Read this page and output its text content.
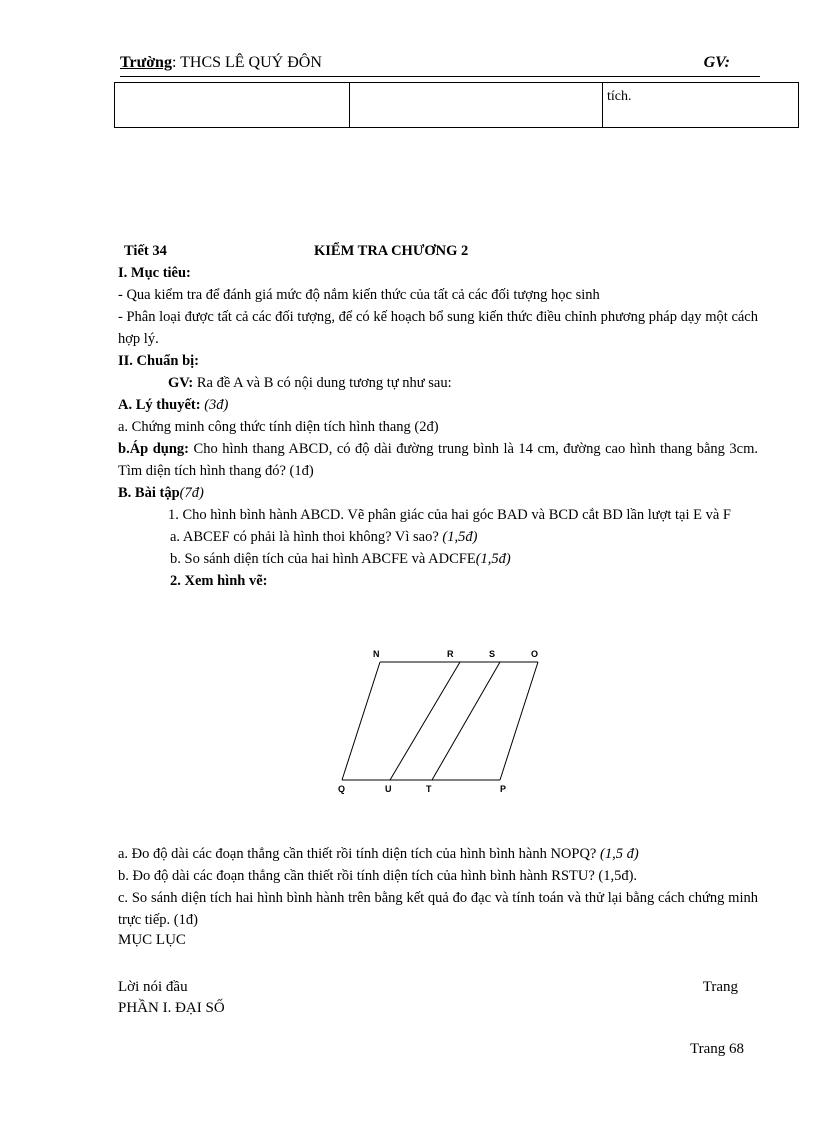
Trường: THCS LÊ QUÝ ĐÔN	GV:
		tích.
Tiết 34	KIỂM TRA CHƯƠNG 2
I. Mục tiêu:
- Qua kiểm tra để đánh giá mức độ nắm kiến thức của tất cả các đối tượng học sinh
- Phân loại được tất cả các đối tượng, để có kế hoạch bổ sung kiến thức điều chỉnh phương pháp dạy một cách hợp lý.
II. Chuẩn bị:
GV: Ra đề A và B có nội dung tương tự như sau:
A. Lý thuyết: (3đ)
a. Chứng minh công thức tính diện tích hình thang (2đ)
b.Áp dụng: Cho hình thang ABCD, có độ dài đường trung bình là 14 cm, đường cao hình thang bằng 3cm. Tìm diện tích hình thang đó? (1đ)
B. Bài tập(7đ)
1. Cho hình bình hành ABCD. Vẽ phân giác của hai góc BAD và BCD cắt BD lần lượt tại E và F
a. ABCEF có phải là hình thoi không? Vì sao? (1,5đ)
b. So sánh diện tích của hai hình ABCFE và ADCFE(1,5đ)
2. Xem hình vẽ:
N	R	S	O
Q	U	T	P
a. Đo độ dài các đoạn thẳng cần thiết rồi tính diện tích của hình bình hành NOPQ? (1,5 đ)
b. Đo độ dài các đoạn thẳng cần thiết rồi tính diện tích của hình bình hành RSTU? (1,5đ).
c. So sánh diện tích hai hình bình hành trên bằng kết quả đo đạc và tính toán và thử lại bằng cách chứng minh trực tiếp. (1đ)
MỤC LỤC
Lời nói đầu	Trang
PHẦN I. ĐẠI SỐ
Trang 68
